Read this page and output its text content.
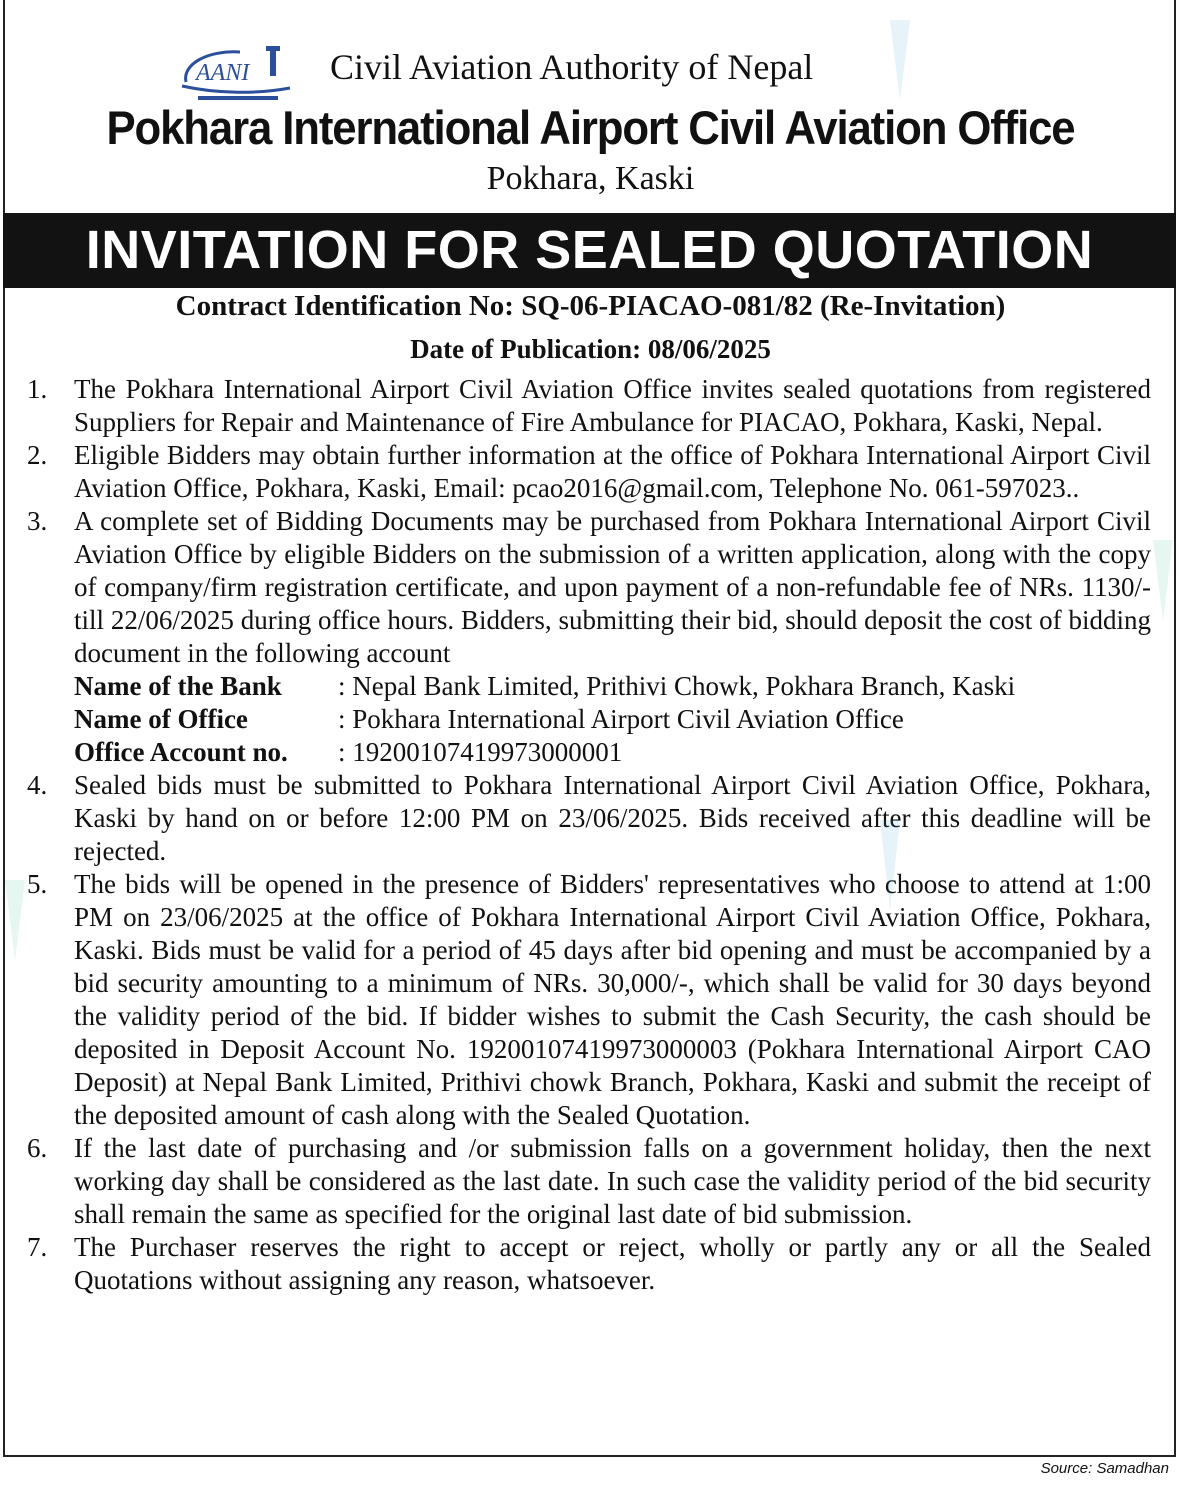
AANI Civil Aviation Authority of Nepal
Pokhara International Airport Civil Aviation Office
Pokhara, Kaski
INVITATION FOR SEALED QUOTATION
Contract Identification No: SQ-06-PIACAO-081/82 (Re-Invitation)
Date of Publication: 08/06/2025
1. The Pokhara International Airport Civil Aviation Office invites sealed quotations from registered Suppliers for Repair and Maintenance of Fire Ambulance for PIACAO, Pokhara, Kaski, Nepal.
2. Eligible Bidders may obtain further information at the office of Pokhara International Airport Civil Aviation Office, Pokhara, Kaski, Email: pcao2016@gmail.com, Telephone No. 061-597023..
3. A complete set of Bidding Documents may be purchased from Pokhara International Airport Civil Aviation Office by eligible Bidders on the submission of a written application, along with the copy of company/firm registration certificate, and upon payment of a non-refundable fee of NRs. 1130/- till 22/06/2025 during office hours. Bidders, submitting their bid, should deposit the cost of bidding document in the following account
Name of the Bank	: Nepal Bank Limited, Prithivi Chowk, Pokhara Branch, Kaski
Name of Office	: Pokhara International Airport Civil Aviation Office
Office Account no.	: 19200107419973000001
4. Sealed bids must be submitted to Pokhara International Airport Civil Aviation Office, Pokhara, Kaski by hand on or before 12:00 PM on 23/06/2025. Bids received after this deadline will be rejected.
5. The bids will be opened in the presence of Bidders' representatives who choose to attend at 1:00 PM on 23/06/2025 at the office of Pokhara International Airport Civil Aviation Office, Pokhara, Kaski. Bids must be valid for a period of 45 days after bid opening and must be accompanied by a bid security amounting to a minimum of NRs. 30,000/-, which shall be valid for 30 days beyond the validity period of the bid. If bidder wishes to submit the Cash Security, the cash should be deposited in Deposit Account No. 19200107419973000003 (Pokhara International Airport CAO Deposit) at Nepal Bank Limited, Prithivi chowk Branch, Pokhara, Kaski and submit the receipt of the deposited amount of cash along with the Sealed Quotation.
6. If the last date of purchasing and /or submission falls on a government holiday, then the next working day shall be considered as the last date. In such case the validity period of the bid security shall remain the same as specified for the original last date of bid submission.
7. The Purchaser reserves the right to accept or reject, wholly or partly any or all the Sealed Quotations without assigning any reason, whatsoever.
Source: Samadhan
